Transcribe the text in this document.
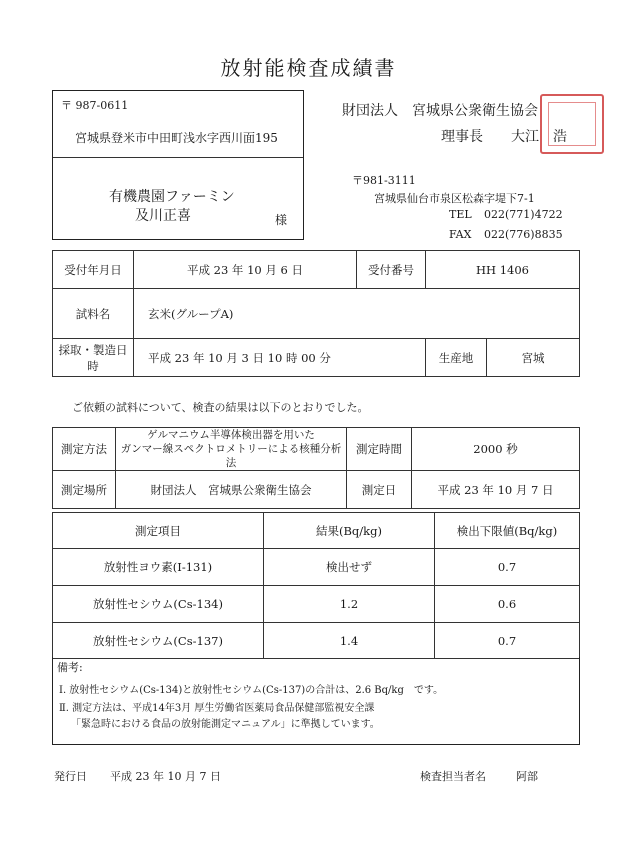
放射能検査成績書
〒 987-0611
宮城県登米市中田町浅水字西川面195
有機農園ファーミン
及川正喜	様
財団法人　宮城県公衆衛生協会
理事長　　大江　浩
〒981-3111
宮城県仙台市泉区松森字堤下7-1
TEL 022(771)4722
FAX 022(776)8835
受付年月日	平成 23 年 10 月 6 日	受付番号	HH 1406	
試料名	玄米(グループA)			
採取・製造日時	平成 23 年 10 月 3 日 10 時 00 分		生産地	宮城
ご依頼の試料について、検査の結果は以下のとおりでした。
測定方法	ゲルマニウム半導体検出器を用いた
ガンマー線スペクトロメトリーによる核種分析法	測定時間	2000 秒
測定場所	財団法人　宮城県公衆衛生協会	測定日	平成 23 年 10 月 7 日
測定項目	結果(Bq/kg)	検出下限値(Bq/kg)
放射性ヨウ素(I-131)	検出せず	0.7
放射性セシウム(Cs-134)	1.2	0.6
放射性セシウム(Cs-137)	1.4	0.7
備考:
Ⅰ. 放射性セシウム(Cs-134)と放射性セシウム(Cs-137)の合計は、2.6 Bq/kg　です。
Ⅱ. 測定方法は、平成14年3月 厚生労働省医薬局食品保健部監視安全課
「緊急時における食品の放射能測定マニュアル」に準拠しています。
発行日 平成 23 年 10 月 7 日	検査担当者名	阿部
